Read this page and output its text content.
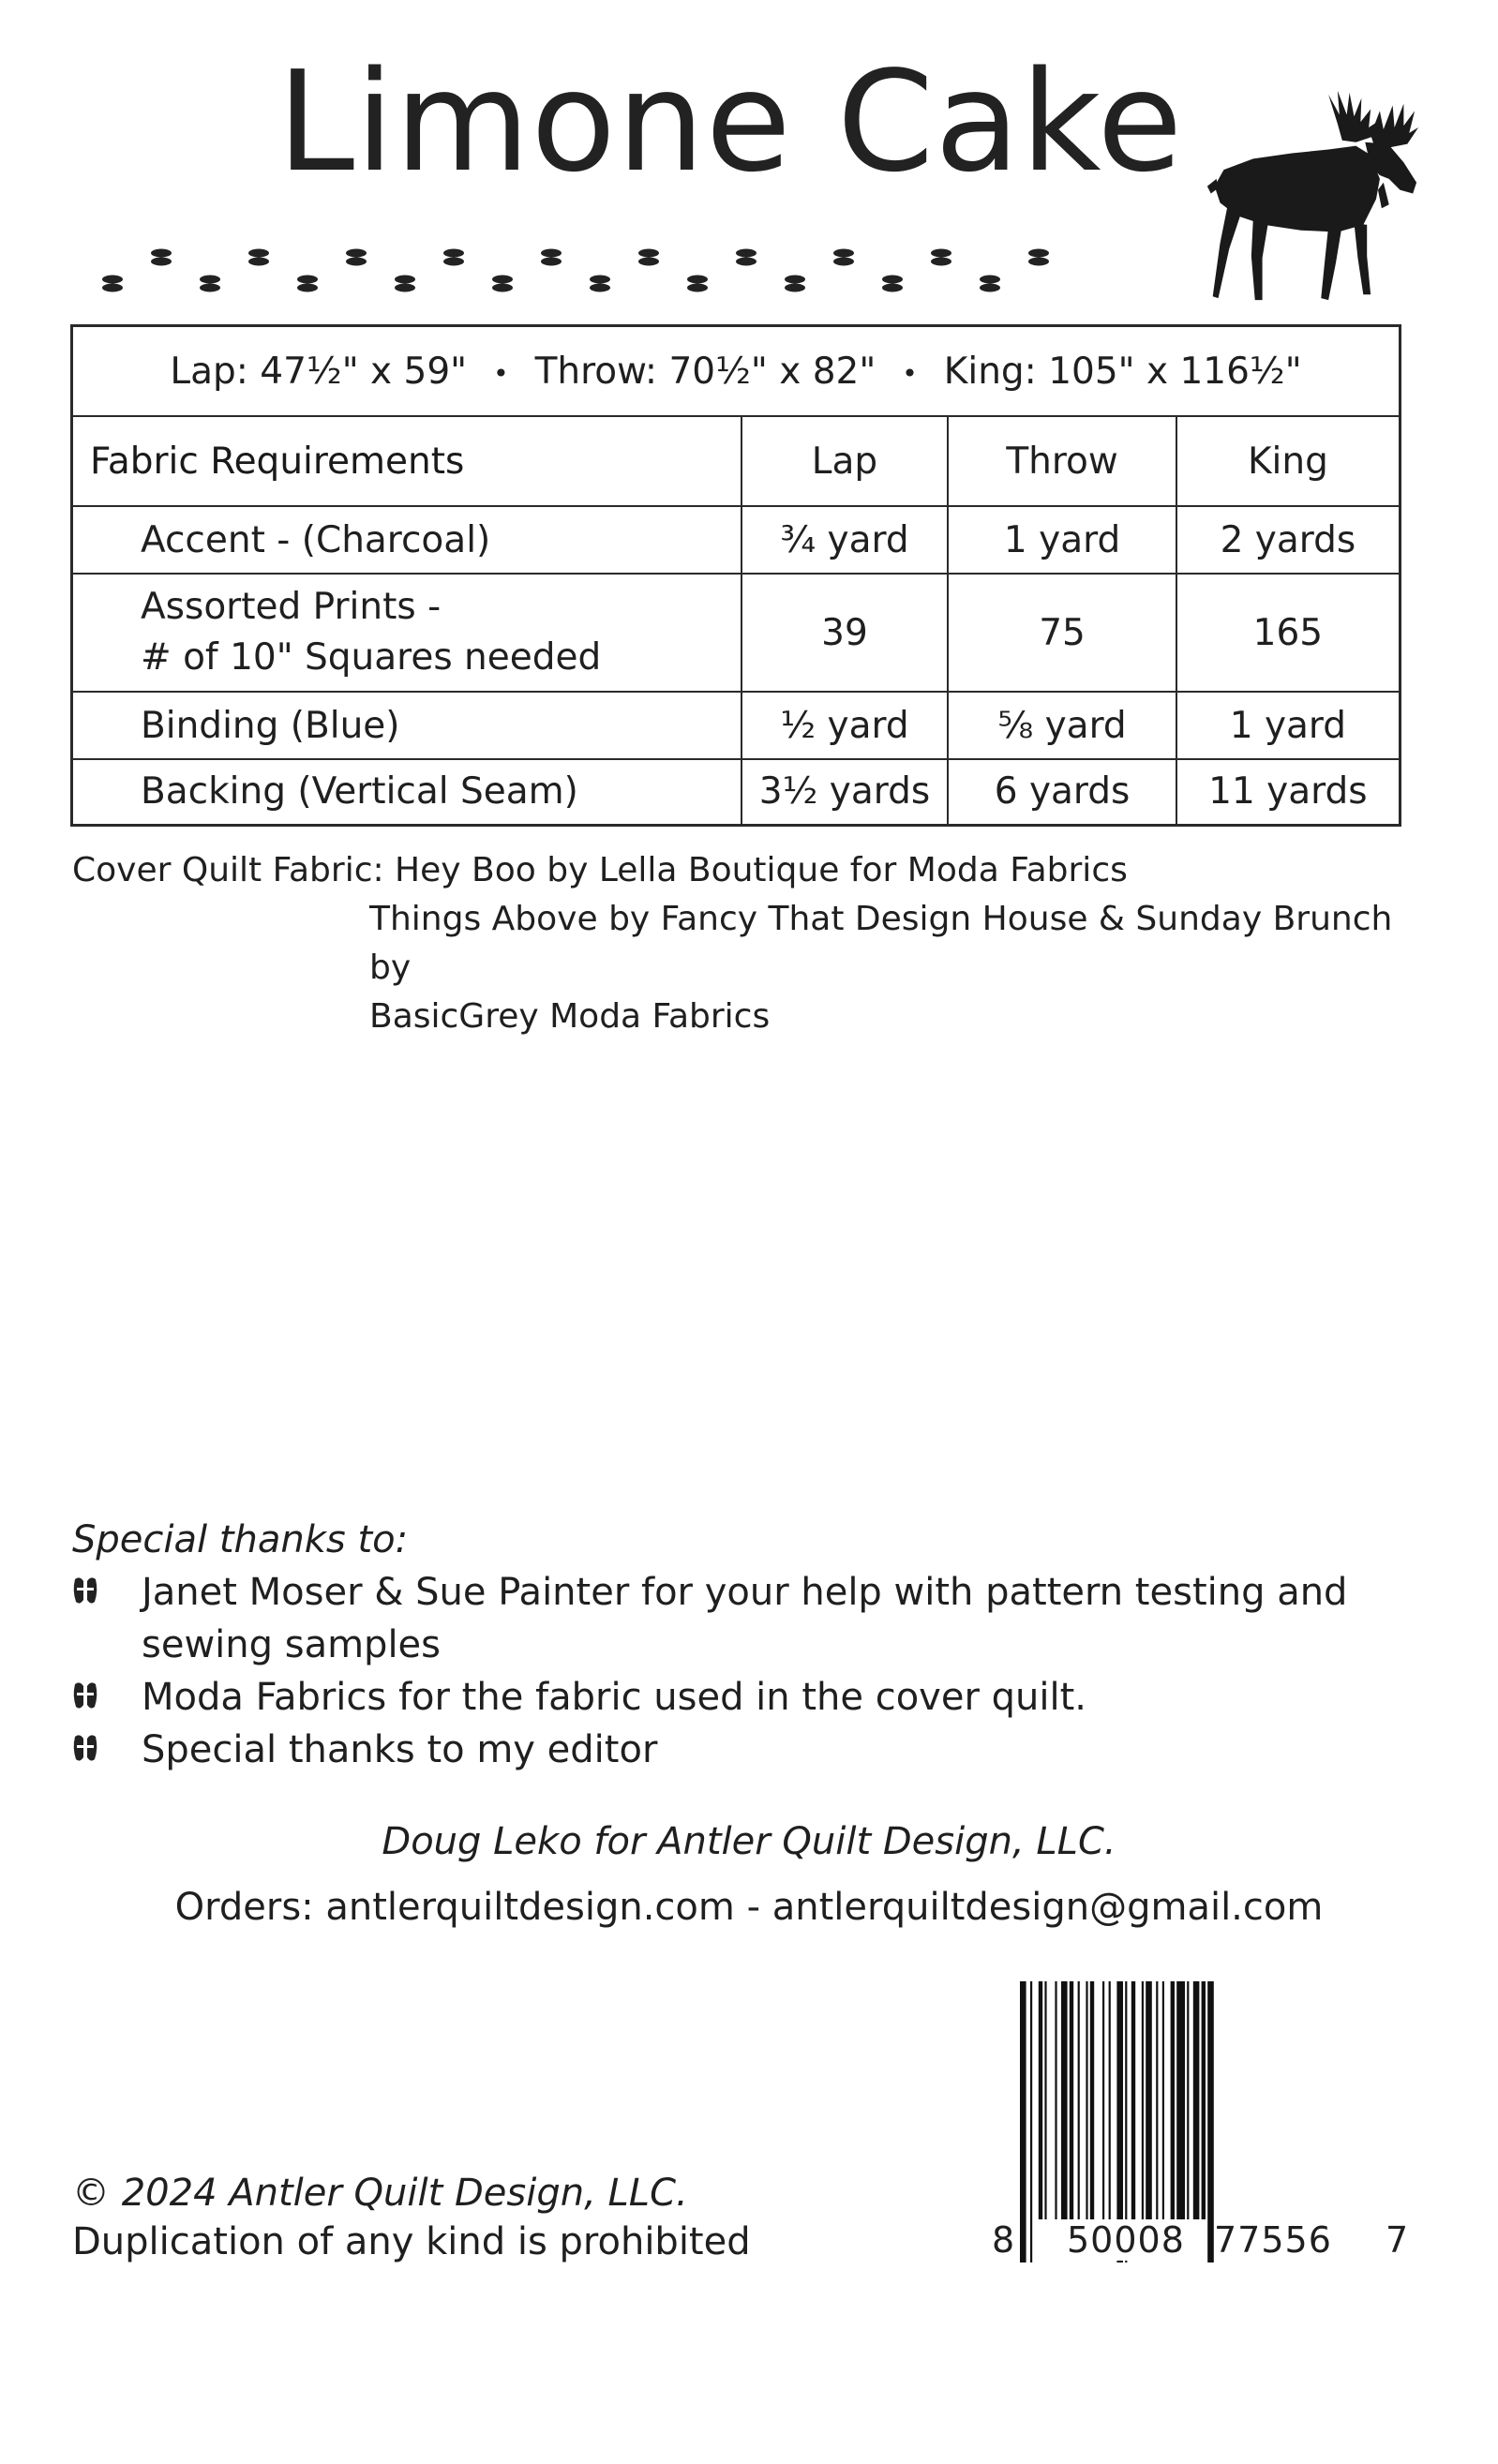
Limone Cake
Lap: 47½" x 59" • Throw: 70½" x 82" • King: 105" x 116½"			
Fabric Requirements	Lap	Throw	King
Accent - (Charcoal)	¾ yard	1 yard	2 yards
Assorted Prints -
# of 10" Squares needed	39	75	165
Binding (Blue)	½ yard	⅝ yard	1 yard
Backing (Vertical Seam)	3½ yards	6 yards	11 yards
Cover Quilt Fabric: Hey Boo by Lella Boutique for Moda Fabrics
Things Above by Fancy That Design House & Sunday Brunch by
BasicGrey Moda Fabrics
Special thanks to:
Janet Moser & Sue Painter for your help with pattern testing and
sewing samples
Moda Fabrics for the fabric used in the cover quilt.
Special thanks to my editor
Doug Leko for Antler Quilt Design, LLC.
Orders: antlerquiltdesign.com - antlerquiltdesign@gmail.com
© 2024 Antler Quilt Design, LLC.
Duplication of any kind is prohibited	8 50008 77556 7
